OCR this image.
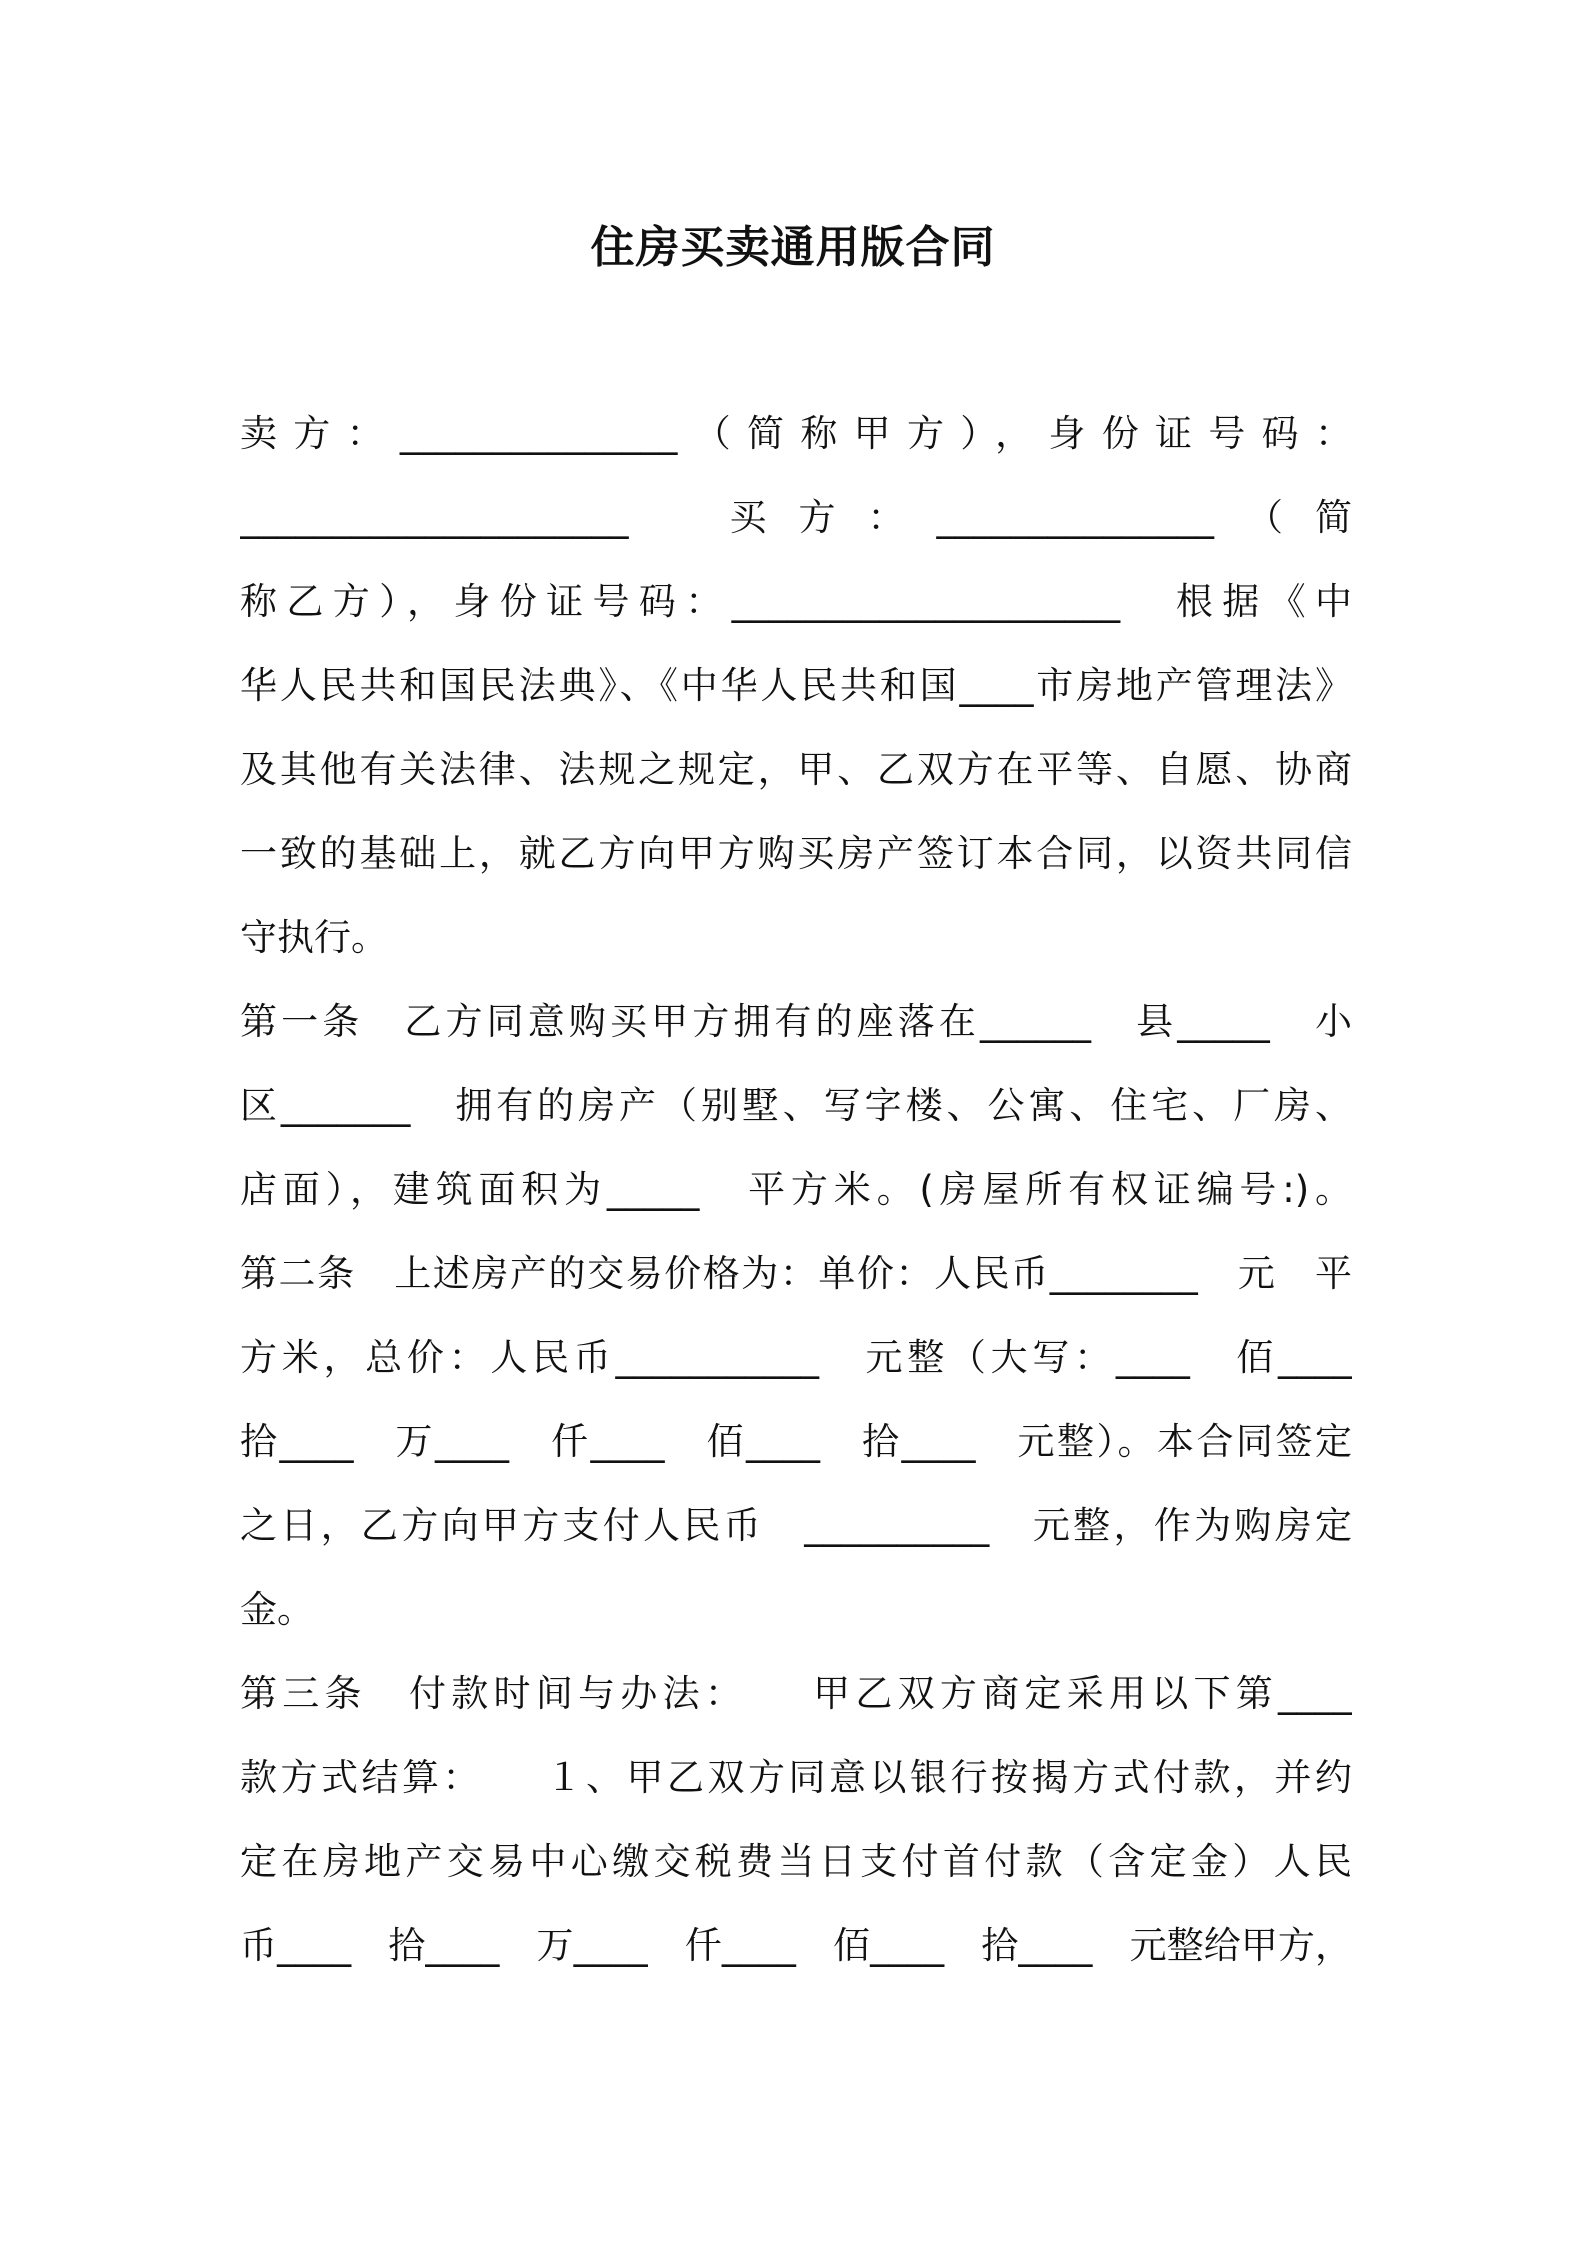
住房买卖通用版合同
卖方：_______________（简称甲方），身份证号码：
_____________________　买方：_______________（简
称乙方），身份证号码：_____________________　根据《中
华人民共和国民法典》、《中华人民共和国____市房地产管理法》
及其他有关法律、法规之规定，甲、乙双方在平等、自愿、协商
一致的基础上，就乙方向甲方购买房产签订本合同，以资共同信
守执行。
第一条　乙方同意购买甲方拥有的座落在______　县_____　小
区_______　拥有的房产（别墅、写字楼、公寓、住宅、厂房、
店面），建筑面积为_____　平方米。(房屋所有权证编号:)。
第二条　上述房产的交易价格为：单价：人民币________　元　平
方米，总价：人民币___________　元整（大写：____　佰____
拾____　万____　仟____　佰____　拾____　元整）。本合同签定
之日，乙方向甲方支付人民币　__________　元整，作为购房定
金。
第三条　付款时间与办法：　　甲乙双方商定采用以下第____
款方式结算：　　１、甲乙双方同意以银行按揭方式付款，并约
定在房地产交易中心缴交税费当日支付首付款（含定金）人民
币____　拾____　万____　仟____　佰____　拾____　元整给甲方，
